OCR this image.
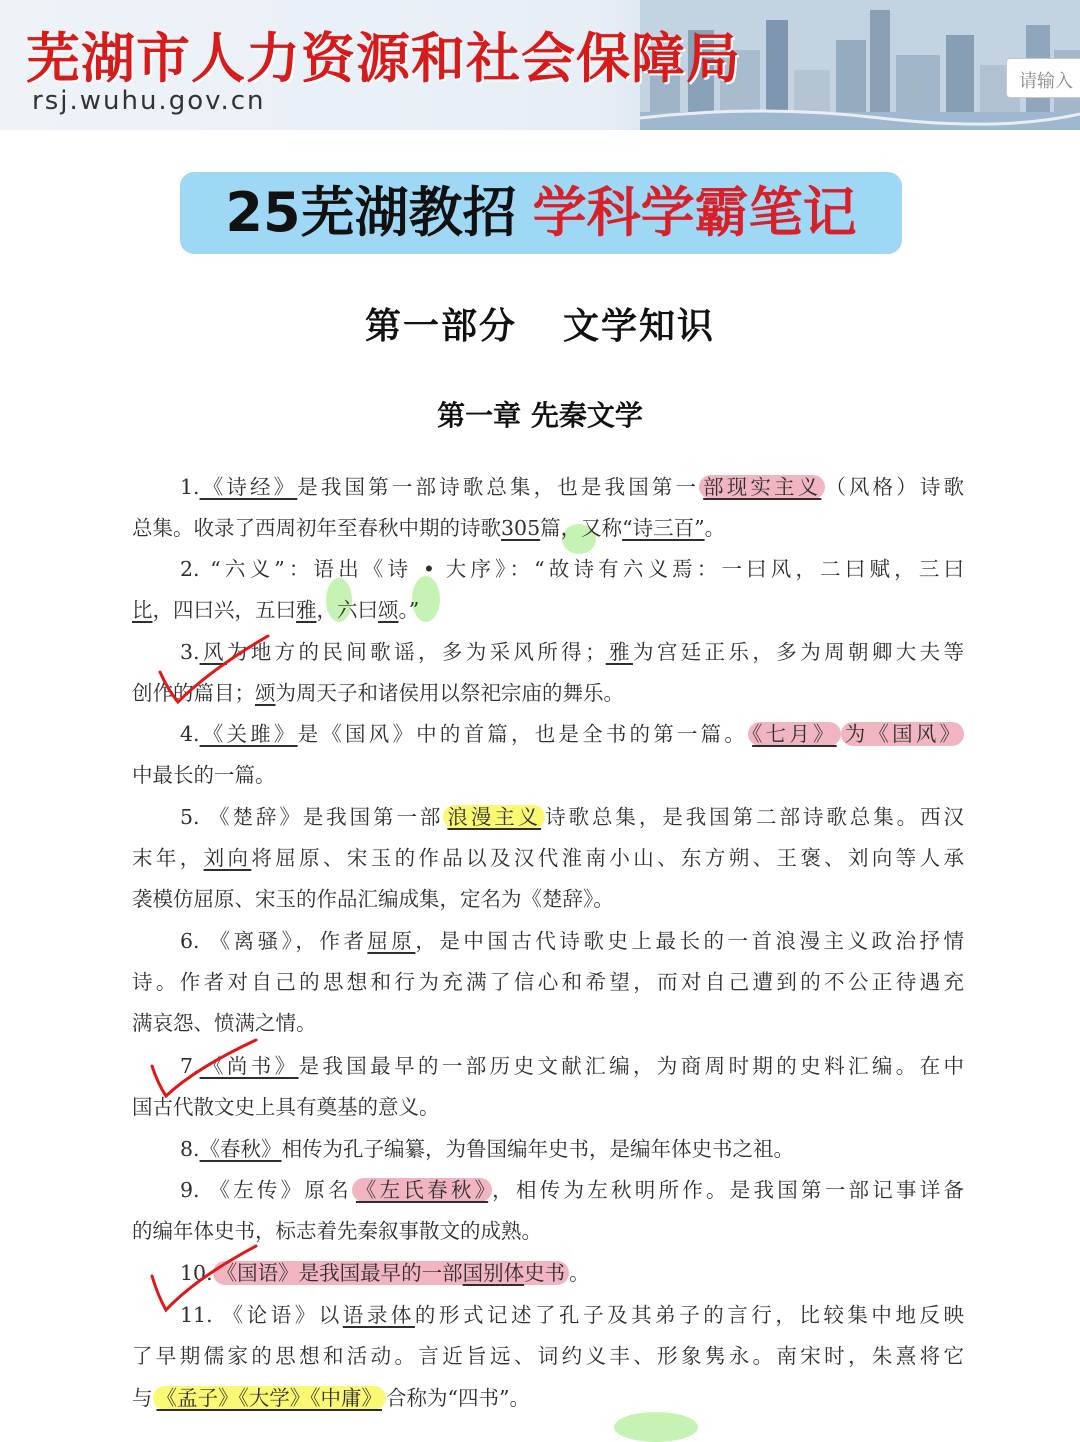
芜湖市人力资源和社会保障局
rsj.wuhu.gov.cn
请输入
25芜湖教招 学科学霸笔记
第一部分 文学知识
第一章 先秦文学
1.《诗经》是我国第一部诗歌总集，也是我国第一 部现实主义 （风格）诗歌
总集。收录了西周初年至春秋中期的诗歌305篇，又称“诗三百”。
2. “六义”：语出《诗 • 大序》：“故诗有六义焉：一曰风，二曰赋，三曰
比，四曰兴，五曰雅，六曰颂。”
3.风为地方的民间歌谣，多为采风所得；雅为宫廷正乐，多为周朝卿大夫等
创作的篇目；颂为周天子和诸侯用以祭祀宗庙的舞乐。
4.《关雎》是《国风》中的首篇，也是全书的第一篇。 《七月》 为《国风》
中最长的一篇。
5. 《楚辞》是我国第一部 浪漫主义 诗歌总集，是我国第二部诗歌总集。西汉
末年，刘向将屈原、宋玉的作品以及汉代淮南小山、东方朔、王褒、刘向等人承
袭模仿屈原、宋玉的作品汇编成集，定名为《楚辞》。
6. 《离骚》，作者屈原，是中国古代诗歌史上最长的一首浪漫主义政治抒情
诗。作者对自己的思想和行为充满了信心和希望，而对自己遭到的不公正待遇充
满哀怨、愤满之情。
7.《尚书》是我国最早的一部历史文献汇编，为商周时期的史料汇编。在中
国古代散文史上具有奠基的意义。
8.《春秋》相传为孔子编纂，为鲁国编年史书，是编年体史书之祖。
9. 《左传》原名 《左氏春秋》 ，相传为左秋明所作。是我国第一部记事详备
的编年体史书，标志着先秦叙事散文的成熟。
10. 《国语》是我国最早的一部国别体史书 。
11. 《论语》以语录体的形式记述了孔子及其弟子的言行，比较集中地反映
了早期儒家的思想和活动。言近旨远、词约义丰、形象隽永。南宋时，朱熹将它
与 《孟子》《大学》《中庸》 合称为“四书”。
